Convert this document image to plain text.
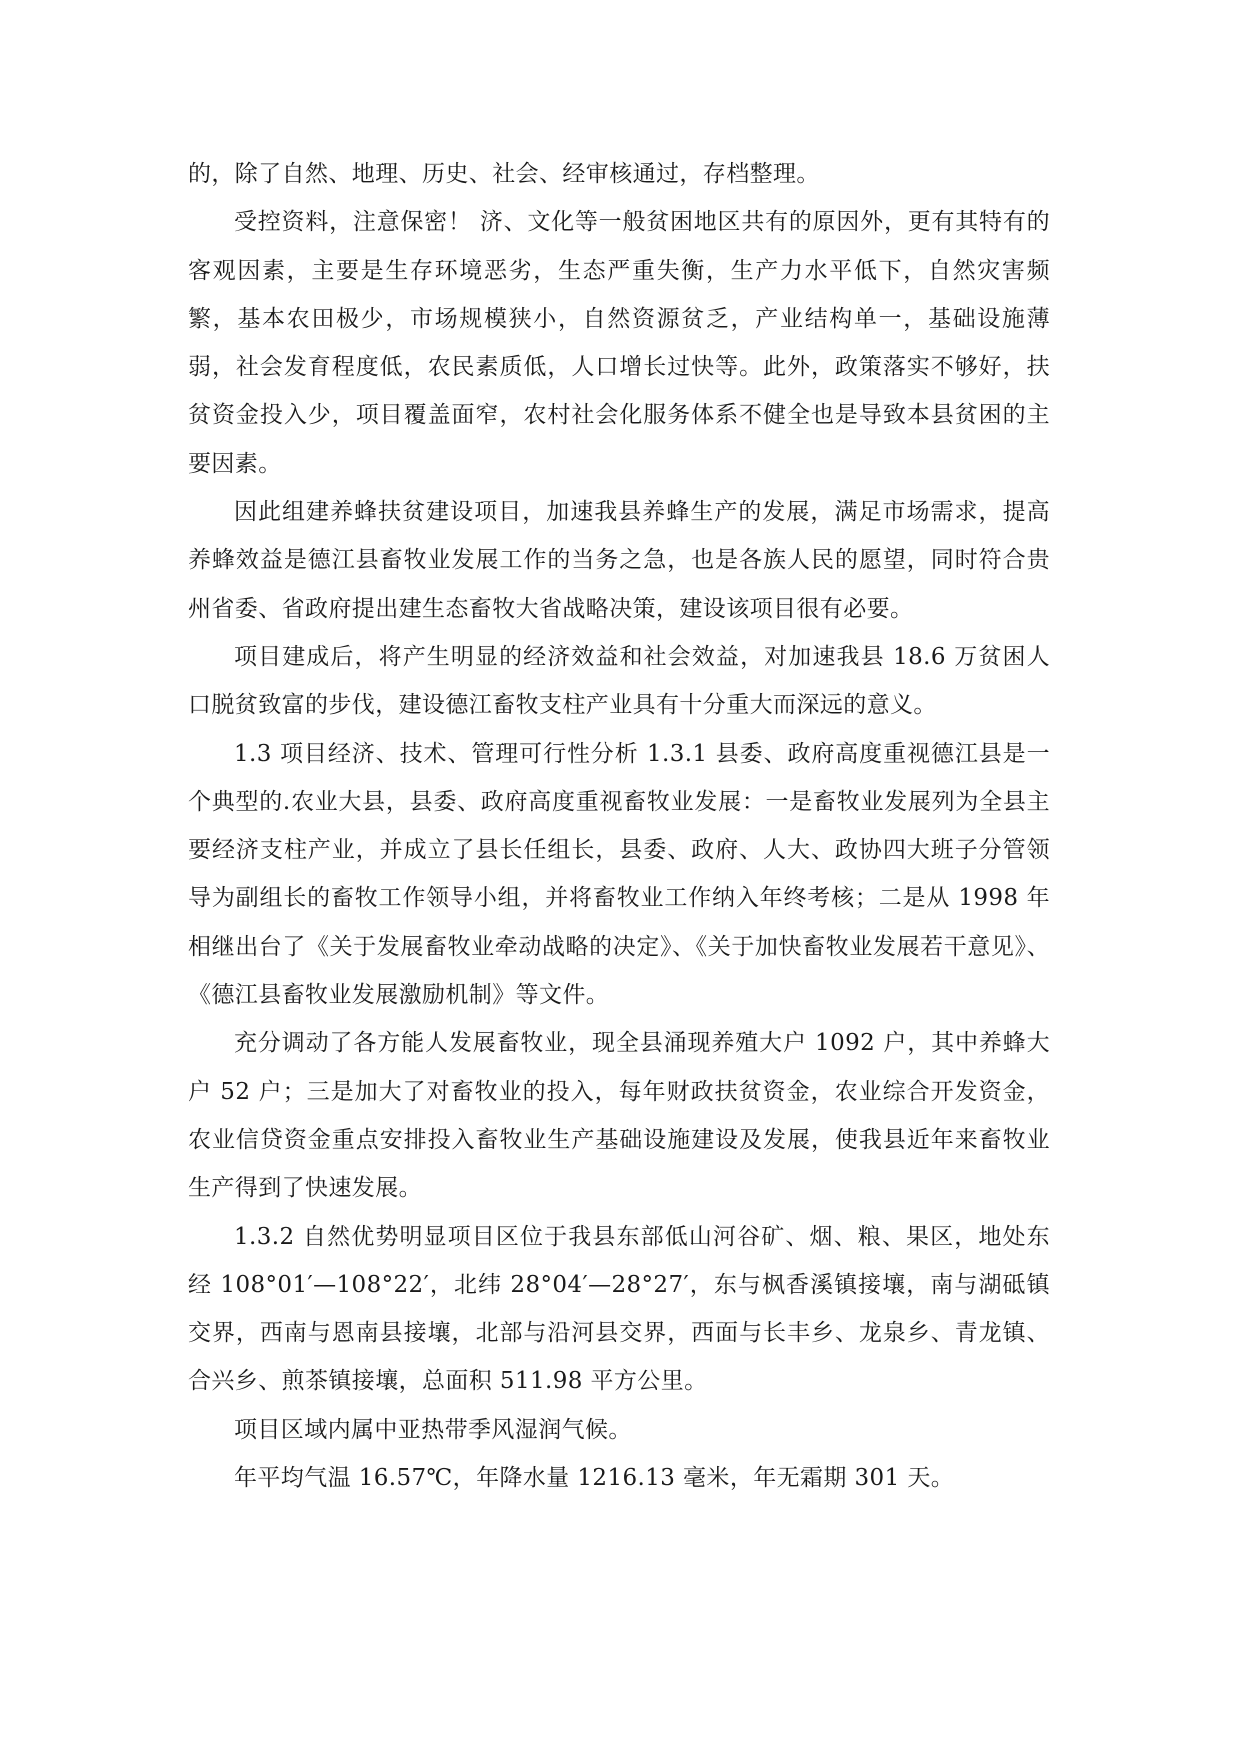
的，除了自然、地理、历史、社会、经审核通过，存档整理。

受控资料，注意保密！ 济、文化等一般贫困地区共有的原因外，更有其特有的客观因素，主要是生存环境恶劣，生态严重失衡，生产力水平低下，自然灾害频繁，基本农田极少，市场规模狭小，自然资源贫乏，产业结构单一，基础设施薄弱，社会发育程度低，农民素质低，人口增长过快等。此外，政策落实不够好，扶贫资金投入少，项目覆盖面窄，农村社会化服务体系不健全也是导致本县贫困的主要因素。

因此组建养蜂扶贫建设项目，加速我县养蜂生产的发展，满足市场需求，提高养蜂效益是德江县畜牧业发展工作的当务之急，也是各族人民的愿望，同时符合贵州省委、省政府提出建生态畜牧大省战略决策，建设该项目很有必要。

项目建成后，将产生明显的经济效益和社会效益，对加速我县 18.6 万贫困人口脱贫致富的步伐，建设德江畜牧支柱产业具有十分重大而深远的意义。

1.3 项目经济、技术、管理可行性分析 1.3.1 县委、政府高度重视德江县是一个典型的.农业大县，县委、政府高度重视畜牧业发展：一是畜牧业发展列为全县主要经济支柱产业，并成立了县长任组长，县委、政府、人大、政协四大班子分管领导为副组长的畜牧工作领导小组，并将畜牧业工作纳入年终考核；二是从 1998 年相继出台了《关于发展畜牧业牵动战略的决定》、《关于加快畜牧业发展若干意见》、《德江县畜牧业发展激励机制》等文件。

充分调动了各方能人发展畜牧业，现全县涌现养殖大户 1092 户，其中养蜂大户 52 户；三是加大了对畜牧业的投入，每年财政扶贫资金，农业综合开发资金，农业信贷资金重点安排投入畜牧业生产基础设施建设及发展，使我县近年来畜牧业生产得到了快速发展。

1.3.2 自然优势明显项目区位于我县东部低山河谷矿、烟、粮、果区，地处东经 108°01′—108°22′，北纬 28°04′—28°27′，东与枫香溪镇接壤，南与湖砥镇交界，西南与恩南县接壤，北部与沿河县交界，西面与长丰乡、龙泉乡、青龙镇、合兴乡、煎茶镇接壤，总面积 511.98 平方公里。

项目区域内属中亚热带季风湿润气候。

年平均气温 16.57℃，年降水量 1216.13 毫米，年无霜期 301 天。
